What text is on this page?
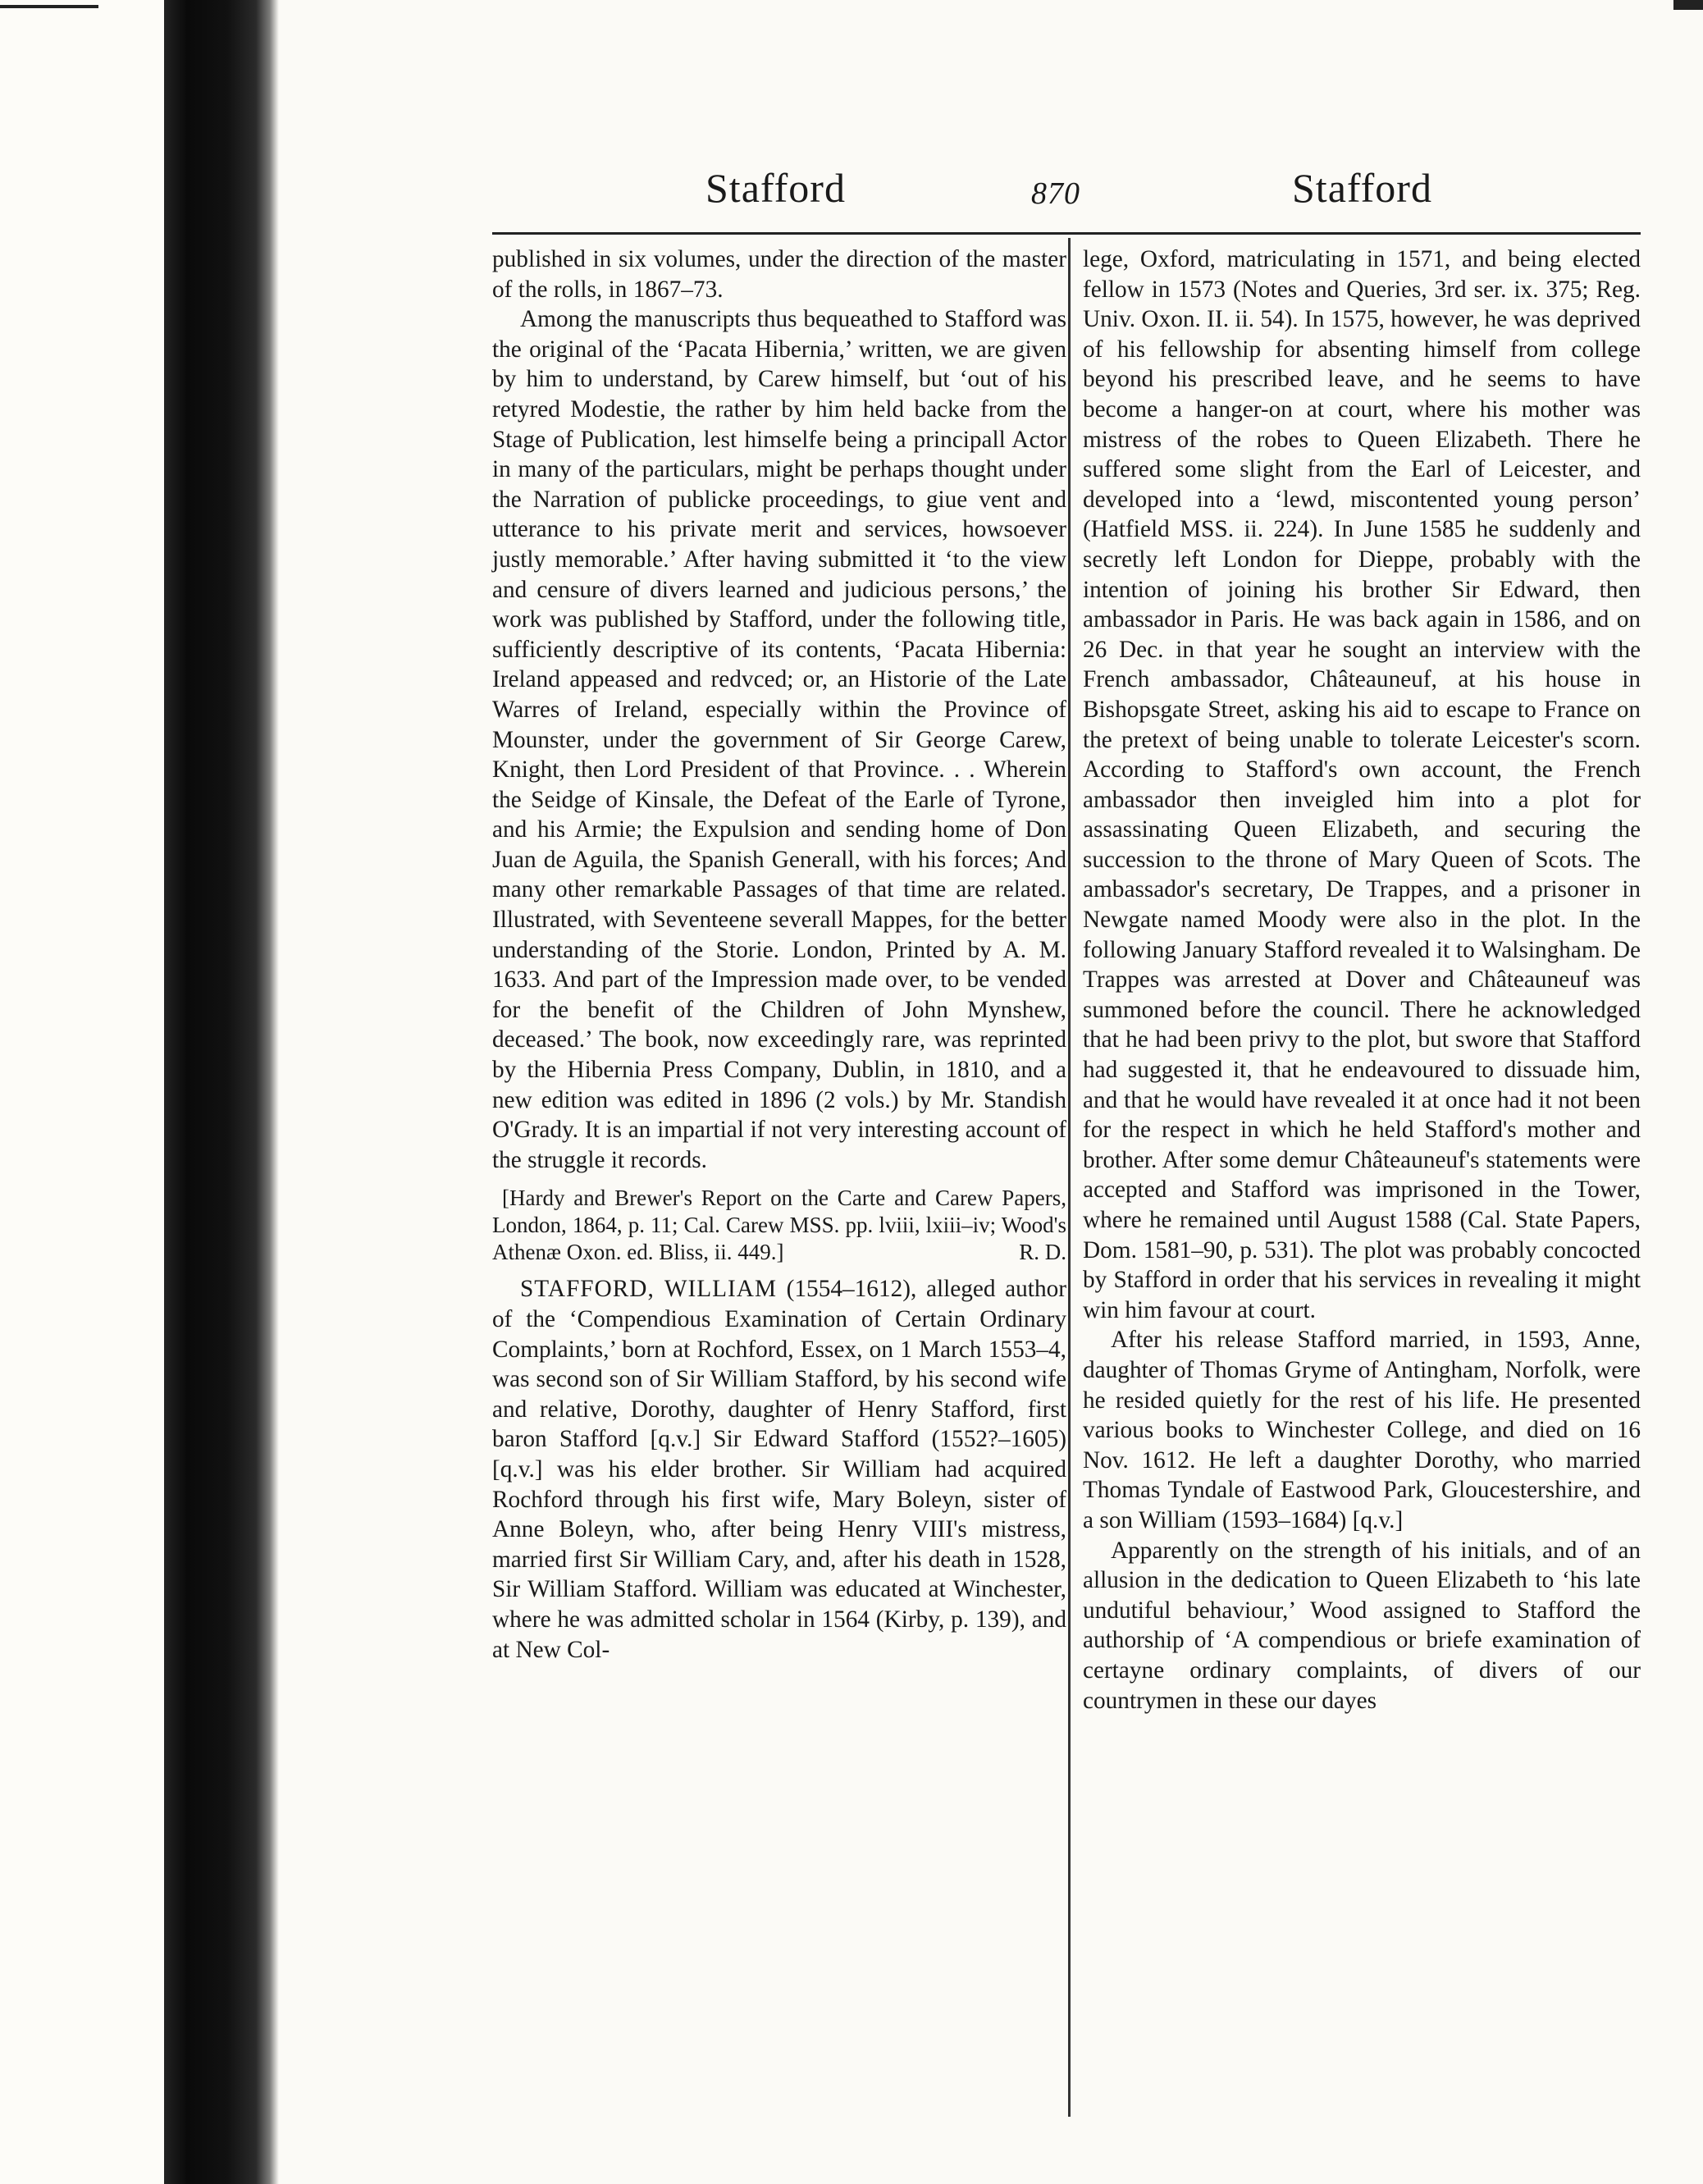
Stafford	870	Stafford

published in six volumes, under the direction of the master of the rolls, in 1867–73.

Among the manuscripts thus bequeathed to Stafford was the original of the ‘Pacata Hibernia,’ written, we are given by him to understand, by Carew himself, but ‘out of his retyred Modestie, the rather by him held backe from the Stage of Publication, lest himselfe being a principall Actor in many of the particulars, might be perhaps thought under the Narration of publicke proceedings, to giue vent and utterance to his private merit and services, howsoever justly memorable.’ After having submitted it ‘to the view and censure of divers learned and judicious persons,’ the work was published by Stafford, under the following title, sufficiently descriptive of its contents, ‘Pacata Hibernia: Ireland appeased and redvced; or, an Historie of the Late Warres of Ireland, especially within the Province of Mounster, under the government of Sir George Carew, Knight, then Lord President of that Province. . . Wherein the Seidge of Kinsale, the Defeat of the Earle of Tyrone, and his Armie; the Expulsion and sending home of Don Juan de Aguila, the Spanish Generall, with his forces; And many other remarkable Passages of that time are related. Illustrated, with Seventeene severall Mappes, for the better understanding of the Storie. London, Printed by A. M. 1633. And part of the Impression made over, to be vended for the benefit of the Children of John Mynshew, deceased.’ The book, now exceedingly rare, was reprinted by the Hibernia Press Company, Dublin, in 1810, and a new edition was edited in 1896 (2 vols.) by Mr. Standish O'Grady. It is an impartial if not very interesting account of the struggle it records.

[Hardy and Brewer's Report on the Carte and Carew Papers, London, 1864, p. 11; Cal. Carew MSS. pp. lviii, lxiii–iv; Wood's Athenæ Oxon. ed. Bliss, ii. 449.]	R. D.

STAFFORD, WILLIAM (1554–1612), alleged author of the ‘Compendious Examination of Certain Ordinary Complaints,’ born at Rochford, Essex, on 1 March 1553–4, was second son of Sir William Stafford, by his second wife and relative, Dorothy, daughter of Henry Stafford, first baron Stafford [q.v.] Sir Edward Stafford (1552?–1605) [q.v.] was his elder brother. Sir William had acquired Rochford through his first wife, Mary Boleyn, sister of Anne Boleyn, who, after being Henry VIII's mistress, married first Sir William Cary, and, after his death in 1528, Sir William Stafford. William was educated at Winchester, where he was admitted scholar in 1564 (Kirby, p. 139), and at New Col-

lege, Oxford, matriculating in 1571, and being elected fellow in 1573 (Notes and Queries, 3rd ser. ix. 375; Reg. Univ. Oxon. II. ii. 54). In 1575, however, he was deprived of his fellowship for absenting himself from college beyond his prescribed leave, and he seems to have become a hanger-on at court, where his mother was mistress of the robes to Queen Elizabeth. There he suffered some slight from the Earl of Leicester, and developed into a ‘lewd, miscontented young person’ (Hatfield MSS. ii. 224). In June 1585 he suddenly and secretly left London for Dieppe, probably with the intention of joining his brother Sir Edward, then ambassador in Paris. He was back again in 1586, and on 26 Dec. in that year he sought an interview with the French ambassador, Châteauneuf, at his house in Bishopsgate Street, asking his aid to escape to France on the pretext of being unable to tolerate Leicester's scorn. According to Stafford's own account, the French ambassador then inveigled him into a plot for assassinating Queen Elizabeth, and securing the succession to the throne of Mary Queen of Scots. The ambassador's secretary, De Trappes, and a prisoner in Newgate named Moody were also in the plot. In the following January Stafford revealed it to Walsingham. De Trappes was arrested at Dover and Châteauneuf was summoned before the council. There he acknowledged that he had been privy to the plot, but swore that Stafford had suggested it, that he endeavoured to dissuade him, and that he would have revealed it at once had it not been for the respect in which he held Stafford's mother and brother. After some demur Châteauneuf's statements were accepted and Stafford was imprisoned in the Tower, where he remained until August 1588 (Cal. State Papers, Dom. 1581–90, p. 531). The plot was probably concocted by Stafford in order that his services in revealing it might win him favour at court.

After his release Stafford married, in 1593, Anne, daughter of Thomas Gryme of Antingham, Norfolk, were he resided quietly for the rest of his life. He presented various books to Winchester College, and died on 16 Nov. 1612. He left a daughter Dorothy, who married Thomas Tyndale of Eastwood Park, Gloucestershire, and a son William (1593–1684) [q.v.]

Apparently on the strength of his initials, and of an allusion in the dedication to Queen Elizabeth to ‘his late undutiful behaviour,’ Wood assigned to Stafford the authorship of ‘A compendious or briefe examination of certayne ordinary complaints, of divers of our countrymen in these our dayes
